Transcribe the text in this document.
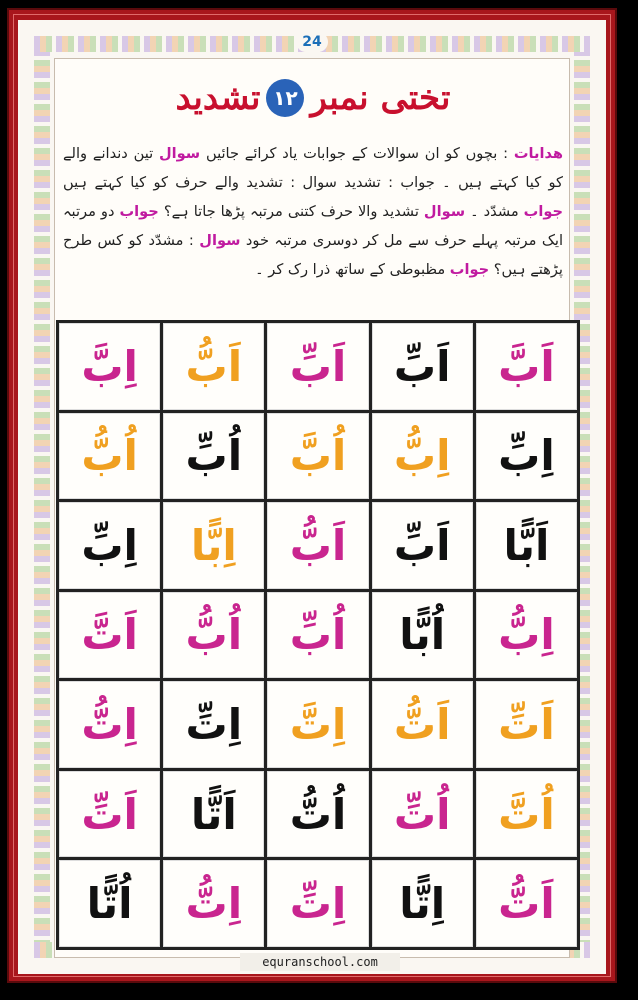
24
تختی نمبر
۱۲
تشدید
ھدایات : بچوں کو ان سوالات کے جوابات یاد کرائے جائیں سوال تین دندانے والے کو کیا کہتے ہیں ۔ جواب : تشدید سوال : تشدید والے حرف کو کیا کہتے ہیں جواب مشدّد ۔ سوال تشدید والا حرف کتنی مرتبہ پڑھا جاتا ہے؟ جواب دو مرتبہ ایک مرتبہ پہلے حرف سے مل کر دوسری مرتبہ خود سوال : مشدّد کو کس طرح پڑھتے ہیں؟ جواب مظبوطی کے ساتھ ذرا رک کر ۔
اَبَّ
اَبِّ
اَبِّ
اَبُّ
اِبَّ
اِبِّ
اِبُّ
اُبَّ
اُبِّ
اُبُّ
اَبًّا
اَبِّ
اَبُّ
اِبًّا
اِبِّ
اِبُّ
اُبًّا
اُبِّ
اُبُّ
اَتَّ
اَتِّ
اَتُّ
اِتَّ
اِتِّ
اِتُّ
اُتَّ
اُتِّ
اُتُّ
اَتًّا
اَتِّ
اَتُّ
اِتًّا
اِتِّ
اِتُّ
اُتًّا
equranschool.com
